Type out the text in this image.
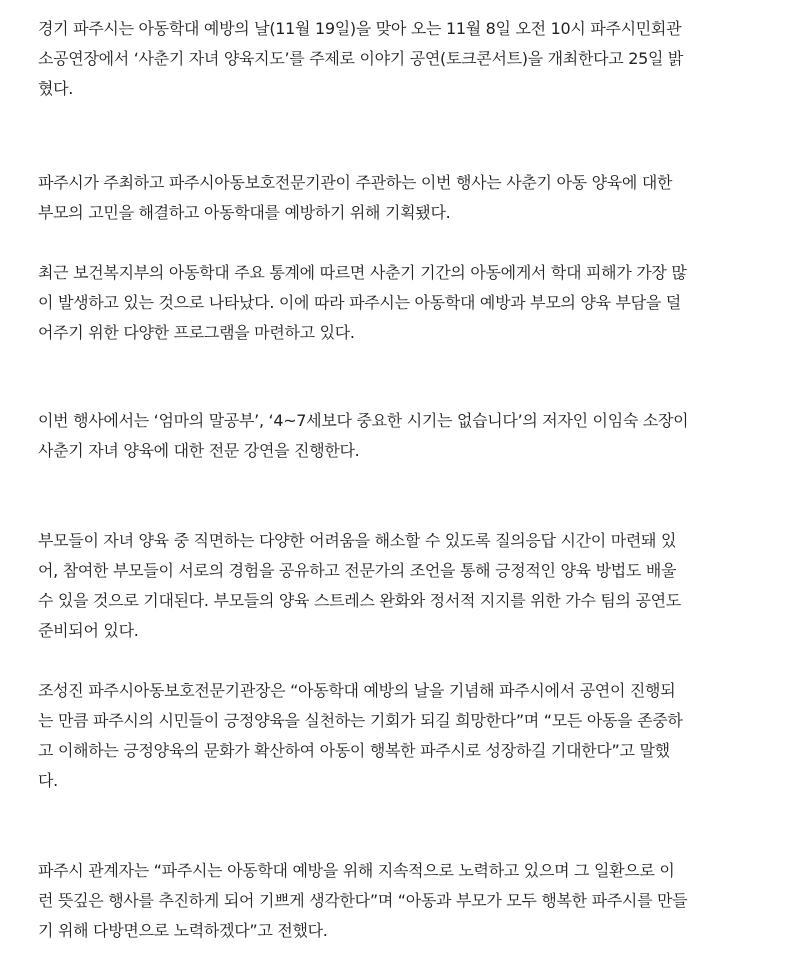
경기 파주시는 아동학대 예방의 날(11월 19일)을 맞아 오는 11월 8일 오전 10시 파주시민회관
소공연장에서 ‘사춘기 자녀 양육지도’를 주제로 이야기 공연(토크콘서트)을 개최한다고 25일 밝
혔다.

파주시가 주최하고 파주시아동보호전문기관이 주관하는 이번 행사는 사춘기 아동 양육에 대한
부모의 고민을 해결하고 아동학대를 예방하기 위해 기획됐다.

최근 보건복지부의 아동학대 주요 통계에 따르면 사춘기 기간의 아동에게서 학대 피해가 가장 많
이 발생하고 있는 것으로 나타났다. 이에 따라 파주시는 아동학대 예방과 부모의 양육 부담을 덜
어주기 위한 다양한 프로그램을 마련하고 있다.

이번 행사에서는 ‘엄마의 말공부’, ‘4~7세보다 중요한 시기는 없습니다’의 저자인 이임숙 소장이
사춘기 자녀 양육에 대한 전문 강연을 진행한다.

부모들이 자녀 양육 중 직면하는 다양한 어려움을 해소할 수 있도록 질의응답 시간이 마련돼 있
어, 참여한 부모들이 서로의 경험을 공유하고 전문가의 조언을 통해 긍정적인 양육 방법도 배울
수 있을 것으로 기대된다. 부모들의 양육 스트레스 완화와 정서적 지지를 위한 가수 팀의 공연도
준비되어 있다.

조성진 파주시아동보호전문기관장은 “아동학대 예방의 날을 기념해 파주시에서 공연이 진행되
는 만큼 파주시의 시민들이 긍정양육을 실천하는 기회가 되길 희망한다”며 “모든 아동을 존중하
고 이해하는 긍정양육의 문화가 확산하여 아동이 행복한 파주시로 성장하길 기대한다”고 말했
다.

파주시 관계자는 “파주시는 아동학대 예방을 위해 지속적으로 노력하고 있으며 그 일환으로 이
런 뜻깊은 행사를 추진하게 되어 기쁘게 생각한다”며 “아동과 부모가 모두 행복한 파주시를 만들
기 위해 다방면으로 노력하겠다”고 전했다.
